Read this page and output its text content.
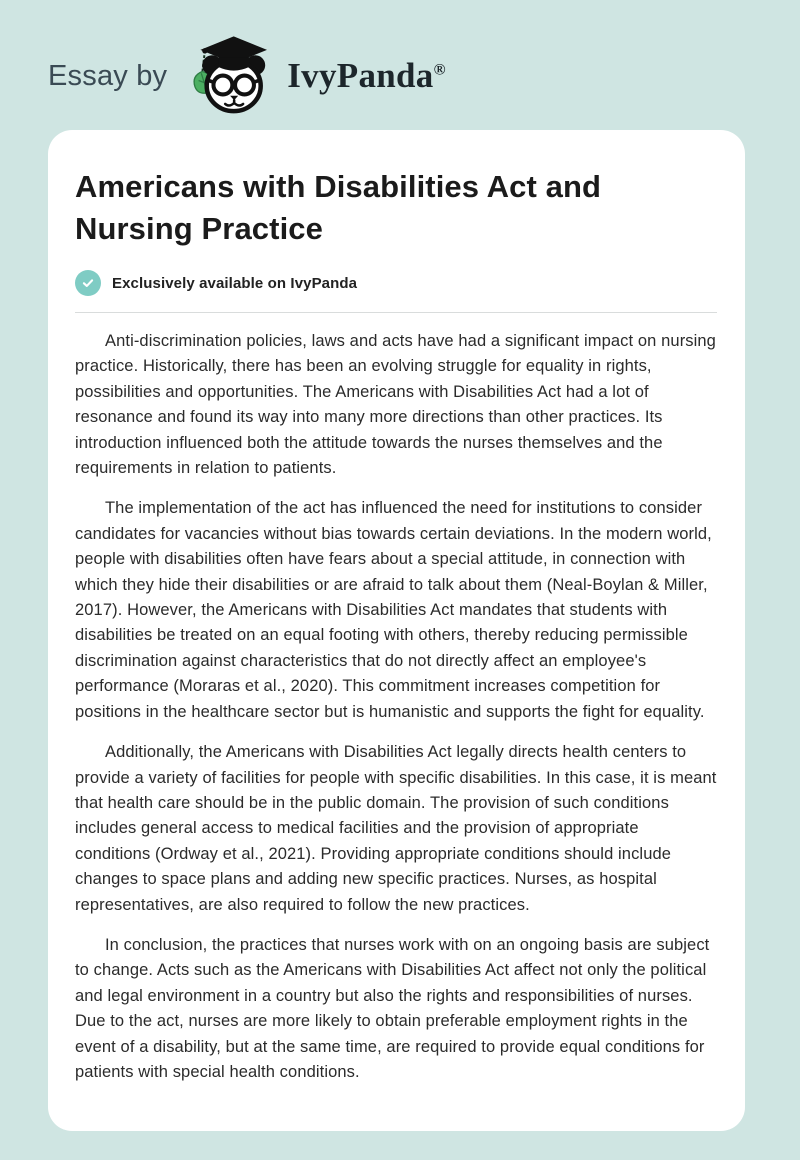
Essay by	IvyPanda®
Americans with Disabilities Act and Nursing Practice
Exclusively available on IvyPanda

Anti-discrimination policies, laws and acts have had a significant impact on nursing practice. Historically, there has been an evolving struggle for equality in rights, possibilities and opportunities. The Americans with Disabilities Act had a lot of resonance and found its way into many more directions than other practices. Its introduction influenced both the attitude towards the nurses themselves and the requirements in relation to patients.

The implementation of the act has influenced the need for institutions to consider candidates for vacancies without bias towards certain deviations. In the modern world, people with disabilities often have fears about a special attitude, in connection with which they hide their disabilities or are afraid to talk about them (Neal-Boylan & Miller, 2017). However, the Americans with Disabilities Act mandates that students with disabilities be treated on an equal footing with others, thereby reducing permissible discrimination against characteristics that do not directly affect an employee's performance (Moraras et al., 2020). This commitment increases competition for positions in the healthcare sector but is humanistic and supports the fight for equality.

Additionally, the Americans with Disabilities Act legally directs health centers to provide a variety of facilities for people with specific disabilities. In this case, it is meant that health care should be in the public domain. The provision of such conditions includes general access to medical facilities and the provision of appropriate conditions (Ordway et al., 2021). Providing appropriate conditions should include changes to space plans and adding new specific practices. Nurses, as hospital representatives, are also required to follow the new practices.

In conclusion, the practices that nurses work with on an ongoing basis are subject to change. Acts such as the Americans with Disabilities Act affect not only the political and legal environment in a country but also the rights and responsibilities of nurses. Due to the act, nurses are more likely to obtain preferable employment rights in the event of a disability, but at the same time, are required to provide equal conditions for patients with special health conditions.
